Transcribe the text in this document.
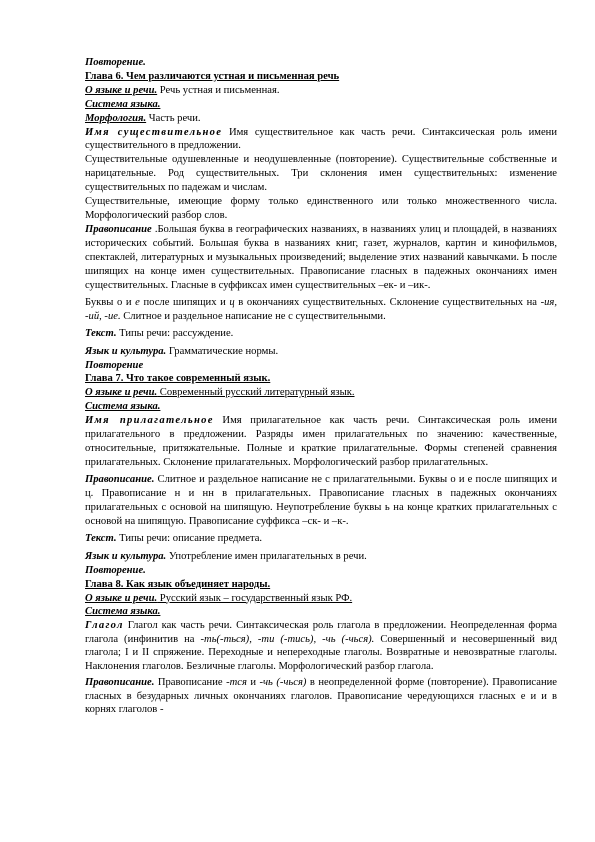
Повторение.

Глава 6. Чем различаются устная и письменная речь

О языке и речи. Речь устная и письменная.

Система языка.

Морфология. Часть речи.

Имя существительное Имя существительное как часть речи. Синтаксическая роль имени существительного в предложении.

Существительные одушевленные и неодушевленные (повторение). Существительные собственные и нарицательные. Род существительных. Три склонения имен существительных: изменение существительных по падежам и числам.

Существительные, имеющие форму только единственного или только множественного числа. Морфологический разбор слов.

Правописание .Большая буква в географических названиях, в названиях улиц и площадей, в названиях исторических событий. Большая буква в названиях книг, газет, журналов, картин и кинофильмов, спектаклей, литературных и музыкальных произведений; выделение этих названий кавычками. Ь после шипящих на конце имен существительных. Правописание гласных в падежных окончаниях имен существительных. Гласные в суффиксах имен существительных –ек- и –ик-.

Буквы о и е после шипящих и ц в окончаниях существительных. Склонение существительных на -ия, -ий, -ие. Слитное и раздельное написание не с существительными.

Текст. Типы речи: рассуждение.

Язык и культура. Грамматические нормы.

Повторение

Глава 7. Что такое современный язык.

О языке и речи. Современный русский литературный язык.

Система языка.

Имя прилагательное Имя прилагательное как часть речи. Синтаксическая роль имени прилагательного в предложении. Разряды имен прилагательных по значению: качественные, относительные, притяжательные. Полные и краткие прилагательные. Формы степеней сравнения прилагательных. Склонение прилагательных. Морфологический разбор прилагательных.

Правописание. Слитное и раздельное написание не с прилагательными. Буквы о и е после шипящих и ц. Правописание н и нн в прилагательных. Правописание гласных в падежных окончаниях прилагательных с основой на шипящую. Неупотребление буквы ь на конце кратких прилагательных с основой на шипящую. Правописание суффикса –ск- и –к-.

Текст. Типы речи: описание предмета.

Язык и культура. Употребление имен прилагательных в речи.

Повторение.

Глава 8. Как язык объединяет народы.

О языке и речи. Русский язык – государственный язык РФ.

Система языка.

Глагол Глагол как часть речи. Синтаксическая роль глагола в предложении. Неопределенная форма глагола (инфинитив на -ть(-ться), -ти (-тись), -чь (-чься). Совершенный и несовершенный вид глагола; I и II спряжение. Переходные и непереходные глаголы. Возвратные и невозвратные глаголы. Наклонения глаголов. Безличные глаголы. Морфологический разбор глагола.

Правописание. Правописание -тся и -чь (-чься) в неопределенной форме (повторение). Правописание гласных в безударных личных окончаниях глаголов. Правописание чередующихся гласных е и и в корнях глаголов -
